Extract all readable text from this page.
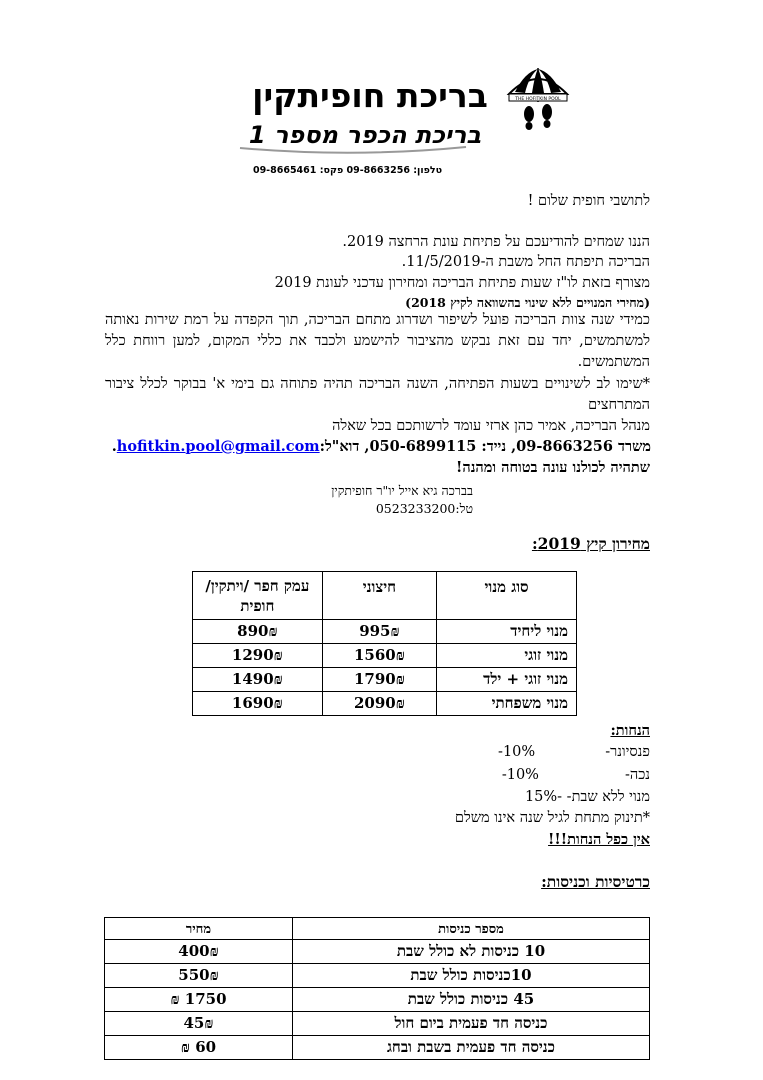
THE HOFITKIN POOL
בריכת חופיתקין
בריכת הכפר מספר 1
טלפון: 09-8663256 פקס: 09-8665461
לתושבי חופית שלום !
הננו שמחים להודיעכם על פתיחת עונת הרחצה 2019.
הבריכה תיפתח החל משבת ה-11/5/2019.
מצורף בזאת לו"ז שעות פתיחת הבריכה ומחירון עדכני לעונת 2019
(מחירי המנויים ללא שינוי בהשוואה לקיץ 2018)
כמידי שנה צוות הבריכה פועל לשיפור ושדרוג מתחם הבריכה, תוך הקפדה על רמת שירות נאותה למשתמשים, יחד עם זאת נבקש מהציבור להישמע ולכבד את כללי המקום, למען רווחת כלל המשתמשים.
*שימו לב לשינויים בשעות הפתיחה, השנה הבריכה תהיה פתוחה גם בימי א' בבוקר לכלל ציבור המתרחצים
מנהל הבריכה, אמיר כהן ארזי עומד לרשותכם בכל שאלה
משרד 09-8663256, נייד: 050-6899115, דוא"ל:hofitkin.pool@gmail.com.
שתהיה לכולנו עונה בטוחה ומהנה!
בברכה גיא אייל יו"ר חופיתקין
טל:0523233200
מחירון קיץ 2019:
סוג מנוי	חיצוני	עמק חפר /ויתקין/ חופית
מנוי ליחיד	995₪	890₪
מנוי זוגי	1560₪	1290₪
מנוי זוגי + ילד	1790₪	1490₪
מנוי משפחתי	2090₪	1690₪
הנחות:
פנסיונר-10%-
נכה-10%-
מנוי ללא שבת- -15%
*תינוק מתחת לגיל שנה אינו משלם
אין כפל הנחות!!!
כרטיסיות וכניסות:
מספר כניסות	מחיר
10 כניסות לא כולל שבת	400₪
10כניסות כולל שבת	550₪
45 כניסות כולל שבת	1750 ₪
כניסה חד פעמית ביום חול	45₪
כניסה חד פעמית בשבת ובחג	60 ₪
